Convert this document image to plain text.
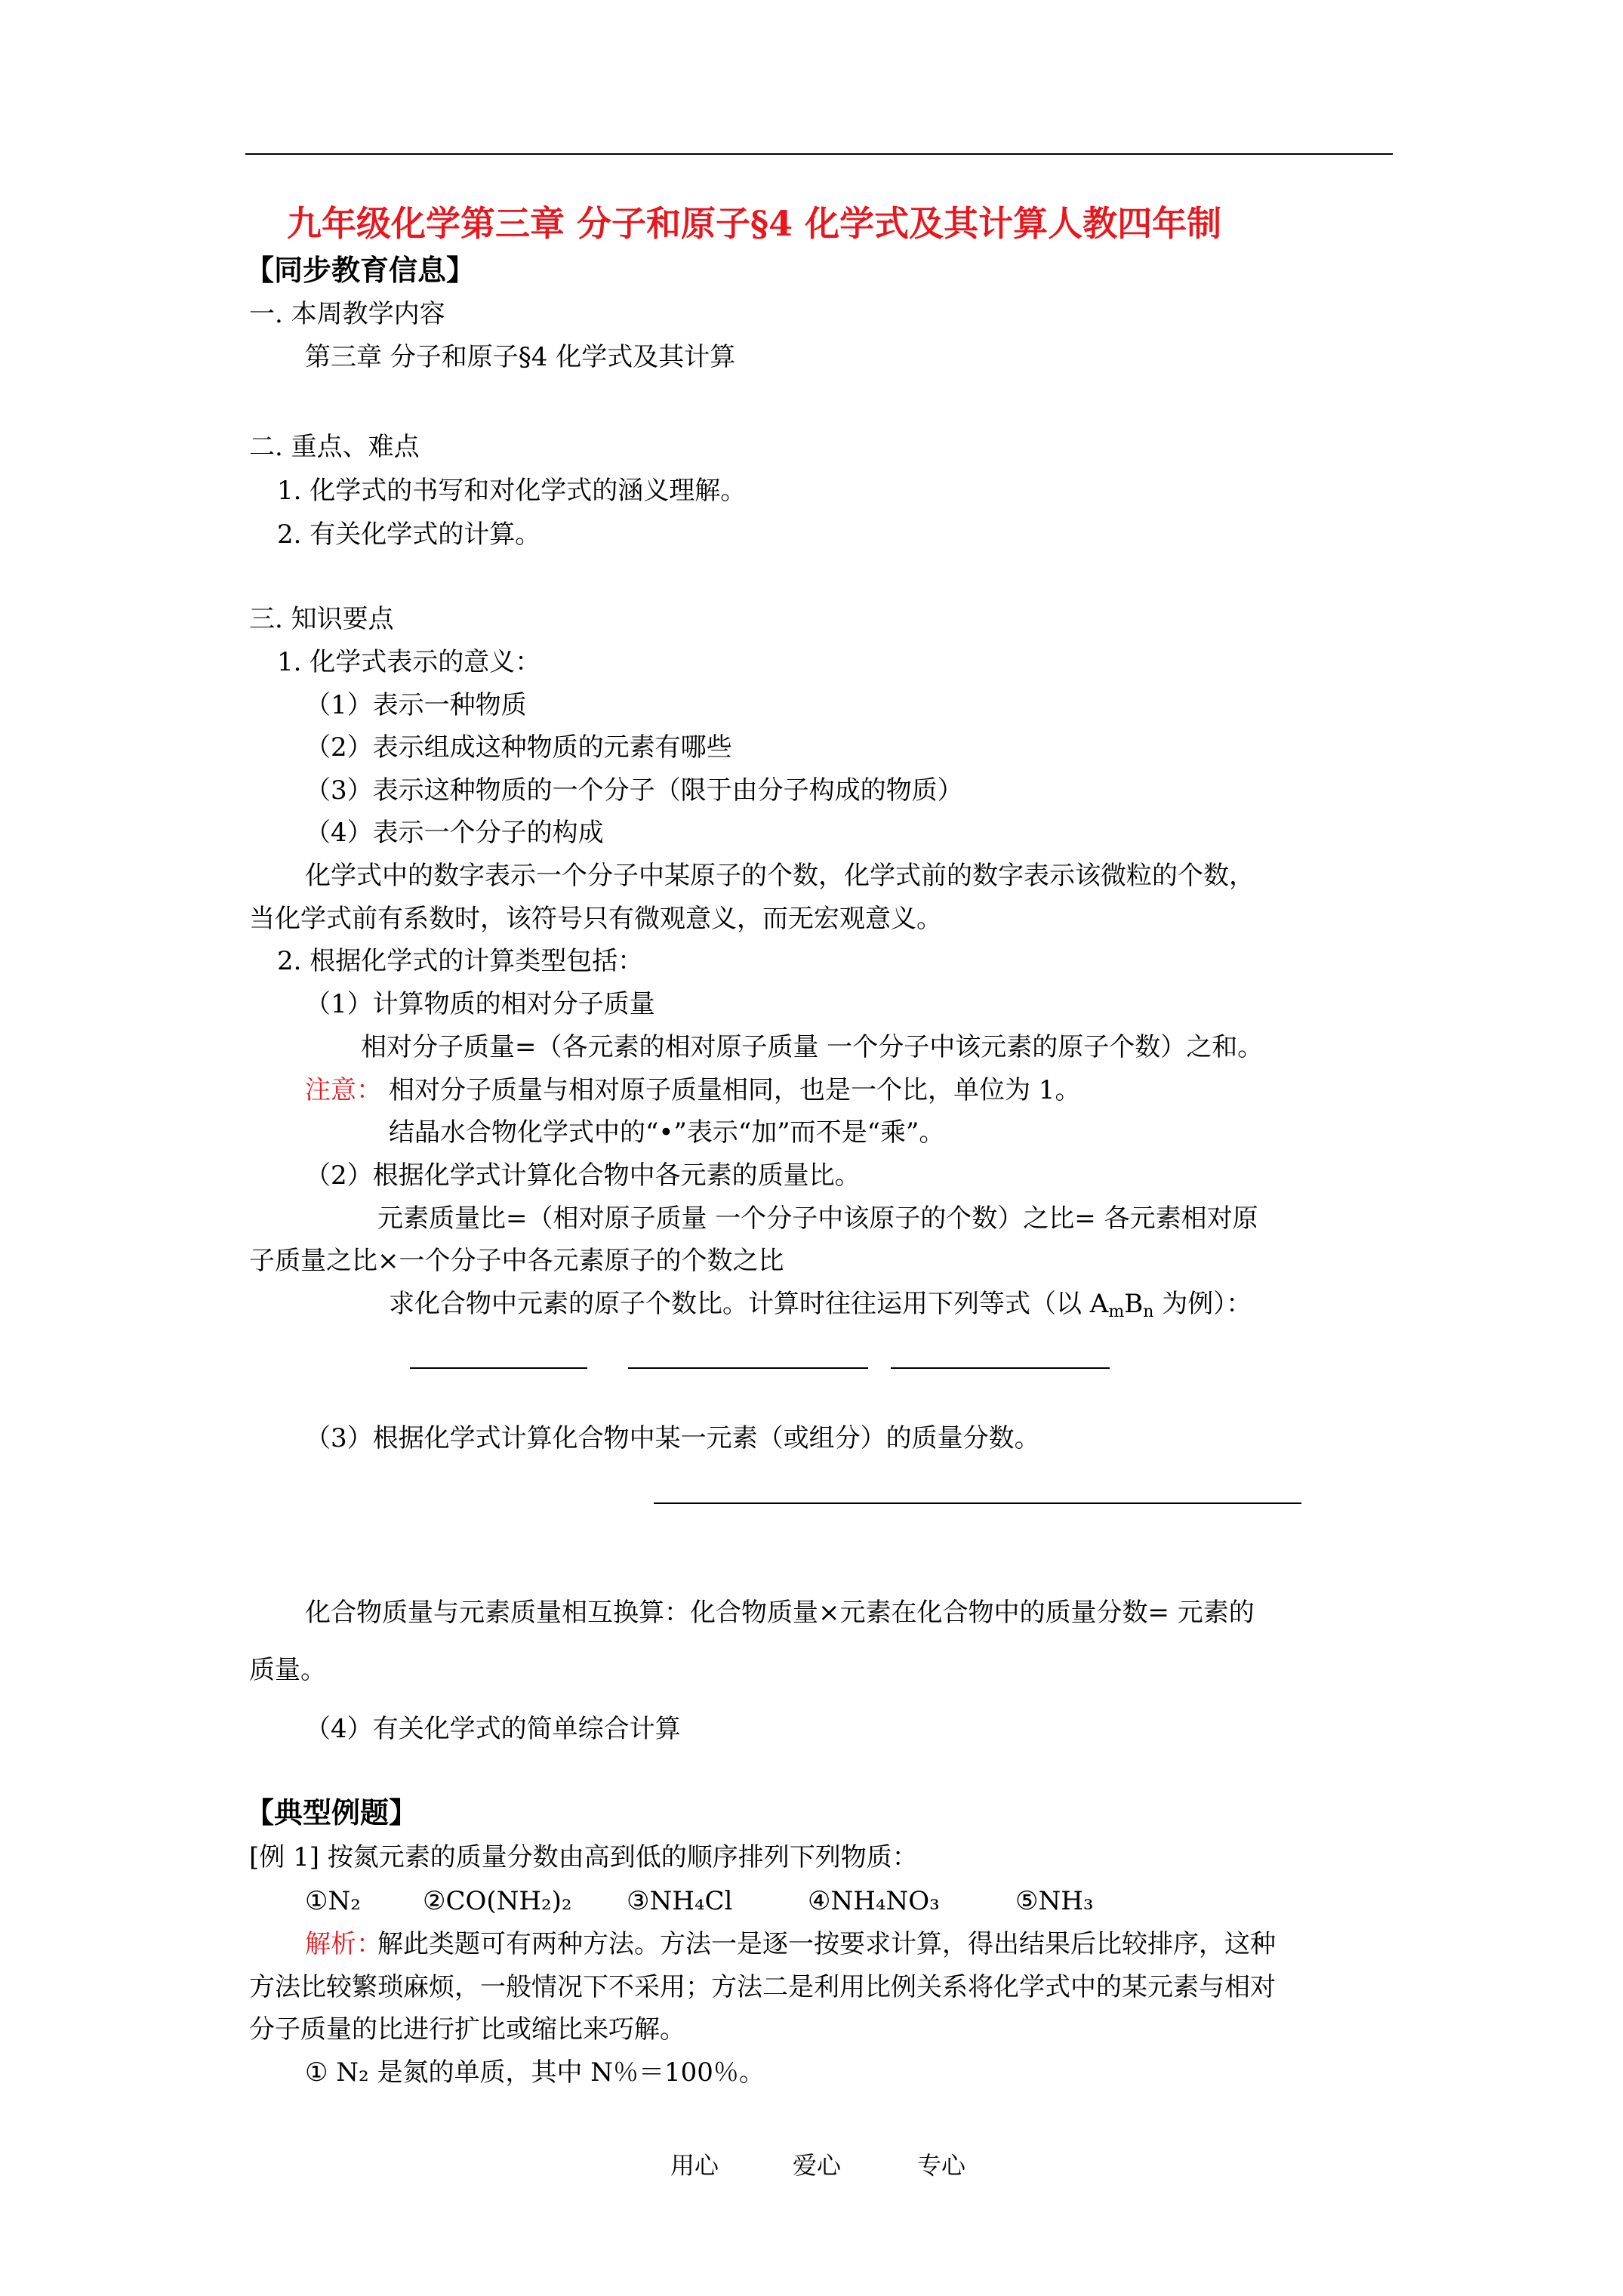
九年级化学第三章 分子和原子§4 化学式及其计算人教四年制
【同步教育信息】
一. 本周教学内容
第三章 分子和原子§4 化学式及其计算
二. 重点、难点
1. 化学式的书写和对化学式的涵义理解。
2. 有关化学式的计算。
三. 知识要点
1. 化学式表示的意义：
（1）表示一种物质
（2）表示组成这种物质的元素有哪些
（3）表示这种物质的一个分子（限于由分子构成的物质）
（4）表示一个分子的构成
化学式中的数字表示一个分子中某原子的个数，化学式前的数字表示该微粒的个数，
当化学式前有系数时，该符号只有微观意义，而无宏观意义。
2. 根据化学式的计算类型包括：
（1）计算物质的相对分子质量
相对分子质量=（各元素的相对原子质量 一个分子中该元素的原子个数）之和。
注意： 相对分子质量与相对原子质量相同，也是一个比，单位为 1。
结晶水合物化学式中的“•”表示“加”而不是“乘”。
（2）根据化学式计算化合物中各元素的质量比。
元素质量比=（相对原子质量 一个分子中该原子的个数）之比= 各元素相对原
子质量之比×一个分子中各元素原子的个数之比
求化合物中元素的原子个数比。计算时往往运用下列等式（以 $A_mB_n$ 为例）：
（3）根据化学式计算化合物中某一元素（或组分）的质量分数。
化合物质量与元素质量相互换算：化合物质量×元素在化合物中的质量分数= 元素的
质量。
（4）有关化学式的简单综合计算
【典型例题】
[例 1] 按氮元素的质量分数由高到低的顺序排列下列物质：
①N₂ ②CO(NH₂)₂ ③NH₄Cl	④NH₄NO₃	⑤NH₃
解析：
解此类题可有两种方法。方法一是逐一按要求计算，得出结果后比较排序，这种
方法比较繁琐麻烦，一般情况下不采用；方法二是利用比例关系将化学式中的某元素与相对
分子质量的比进行扩比或缩比来巧解。
① N₂ 是氮的单质，其中 N％＝100％。
用心	爱心	专心
